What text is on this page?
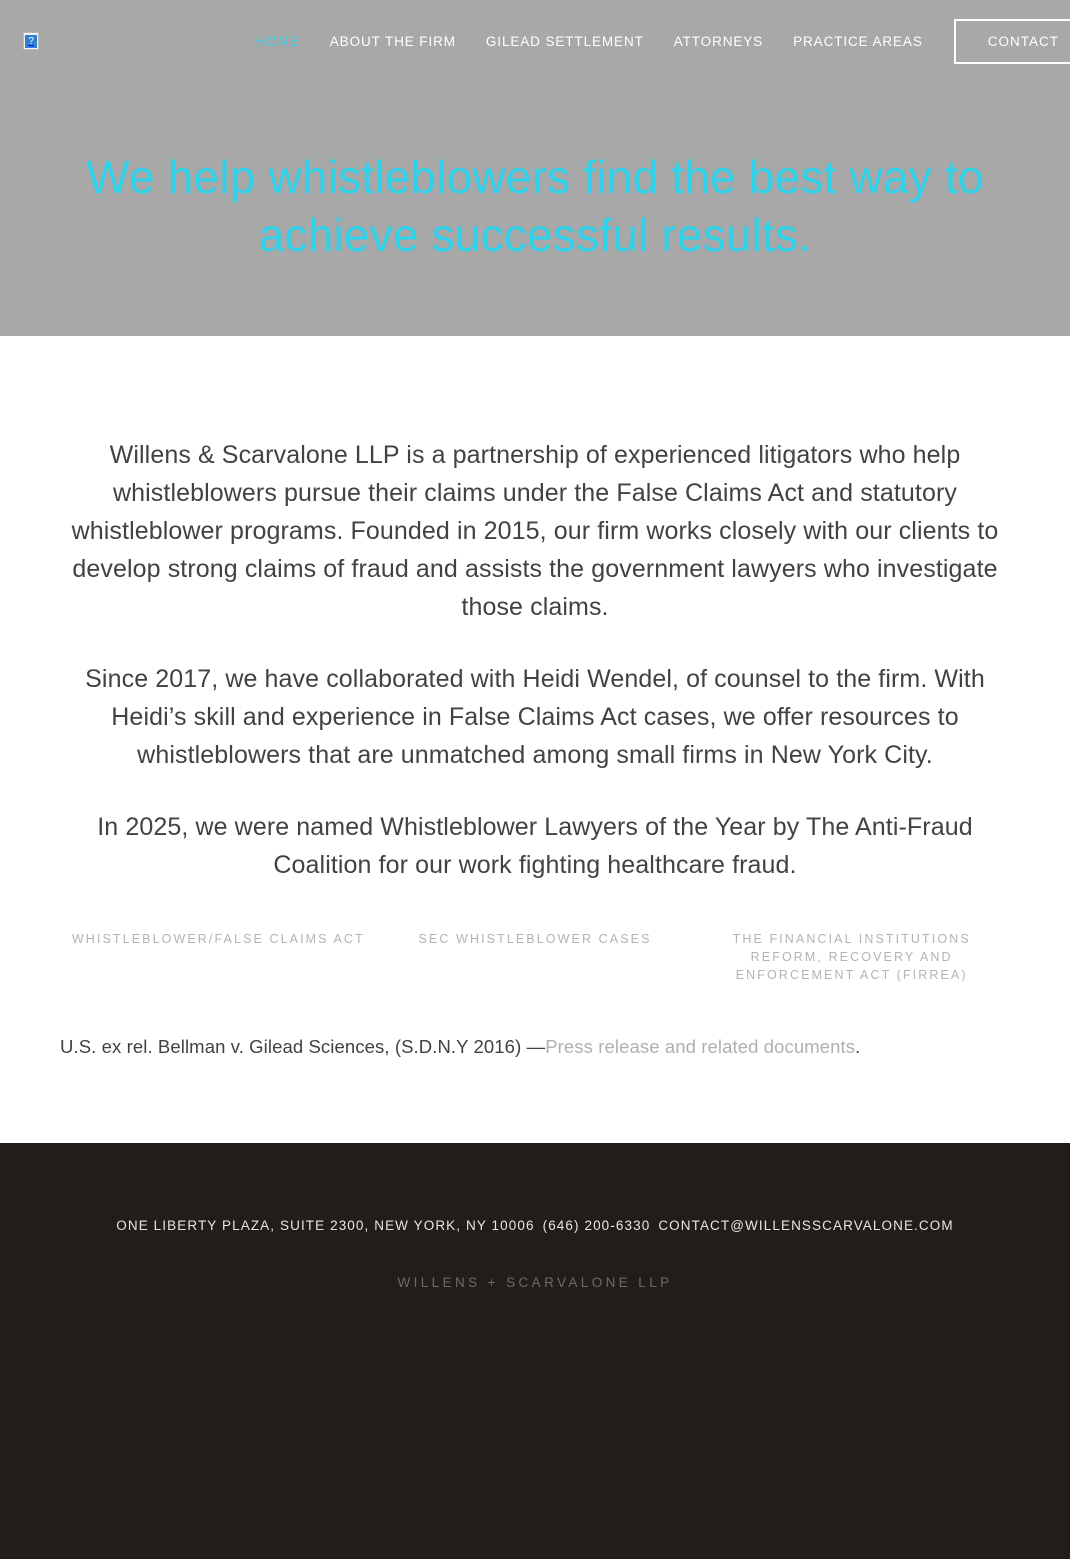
?	HOME	ABOUT THE FIRM	GILEAD SETTLEMENT	ATTORNEYS	PRACTICE AREAS	CONTACT
We help whistleblowers find the best way to achieve successful results.

Willens & Scarvalone LLP is a partnership of experienced litigators who help whistleblowers pursue their claims under the False Claims Act and statutory whistleblower programs. Founded in 2015, our firm works closely with our clients to develop strong claims of fraud and assists the government lawyers who investigate those claims.

Since 2017, we have collaborated with Heidi Wendel, of counsel to the firm. With Heidi’s skill and experience in False Claims Act cases, we offer resources to whistleblowers that are unmatched among small firms in New York City.

In 2025, we were named Whistleblower Lawyers of the Year by The Anti-Fraud Coalition for our work fighting healthcare fraud.

WHISTLEBLOWER/FALSE CLAIMS ACT	SEC WHISTLEBLOWER CASES	THE FINANCIAL INSTITUTIONS REFORM, RECOVERY AND ENFORCEMENT ACT (FIRREA)
U.S. ex rel. Bellman v. Gilead Sciences, (S.D.N.Y 2016) —Press release and related documents.
ONE LIBERTY PLAZA, SUITE 2300, NEW YORK, NY 10006 (646) 200-6330 CONTACT@WILLENSSCARVALONE.COM
WILLENS + SCARVALONE LLP
